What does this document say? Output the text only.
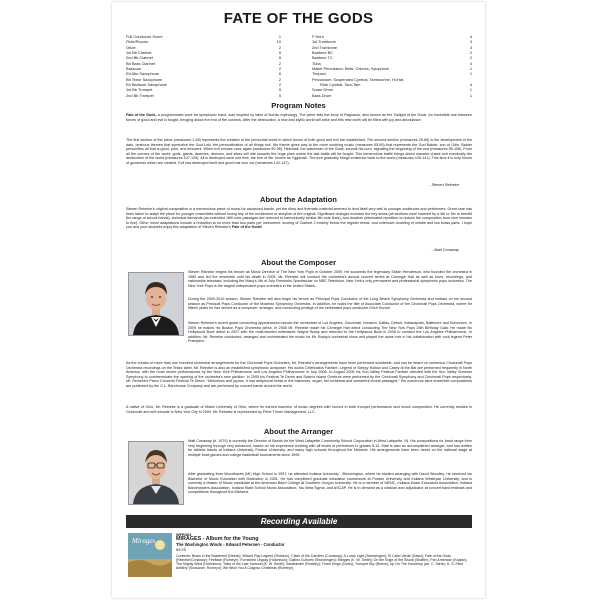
FATE OF THE GODS
Full Conductor Score	1
Flute/Piccolo	10
Oboe	2
1st Bb Clarinet	5
2nd Bb Clarinet	5
Bb Bass Clarinet	2
Bassoon	2
Eb Alto Saxophone	6
Bb Tenor Saxophone	2
Eb Baritone Saxophone	2
1st Bb Trumpet	5
2nd Bb Trumpet	5
F Horn	4
1st Trombone	3
2nd Trombone	3
Baritone BC	2
Baritone TC	2
Tuba	4
Mallet Percussion: Bells, Chimes, Xylophone	1
Timpani	1
Percussion: Suspended Cymbal, Tambourine, Hi-Hat,
Ride Cymbal, Tam-Tam	4
Snare Drum	1
Bass Drum	1
Program Notes
Fate of the Gods, a programmatic work for symphonic band, was inspired by tales of Nordic mythology. The piece tells the story of Ragnarok, also known as the Twilight of the Gods. An incredible war between forces of good and evil is fought, bringing about the end of the cosmos. After the destruction, a new and idyllic world will arise and this new earth will be filled with joy and abundance.
The first section of the piece (measures 1-28) represents the creation of the primordial world in which forces of both good and evil are established. The second section (measures 29-65) is the development of the dark, ominous themes that symbolize the God Loki, the personification of all things evil. His theme gives way to the more soothing music (measures 65-89) that represents the God Balder, son of Odin. Balder personifies all that is good, pure, and innocent. When evil ensues once again (measures 90-98), Heimdall, the watchman of the Gods, sounds his horn, signaling the beginning of the end (measures 99-106). From all the corners of the world, gods, giants, dwarves, demons, and elves will ride towards the huge plain where the last battle will be fought. This tremendous battle brings about massive chaos and eventually the destruction of the world (measures 107-125). All is destroyed save one tree, the tree of life, known as Yggdrasil. The tree gradually brings existence back to the world (measures 126-141). This time it is only forces of goodness which are created. Evil has destroyed itself and good has won out (measures 142-147).
- Steven Reineke
About the Adaptation
Steven Reineke's original composition is a tremendous piece of music for advanced bands, yet the story and thematic material seemed to lend itself very well to younger audiences and performers. Great care has been taken to adapt the piece for younger ensembles without losing any of the excitement or storyline of the original. Significant changes included the key areas (all sections were lowered by a 4th or 5th to benefit the range of school bands), technical demands (an extended 16th note passages are reduced to harmonically similar 8th note lines), and duration (eliminated repetition to reduce the composition from nine minutes to five). Other minor adaptations include a reduction to no more than two parts per instrument, scoring of Clarinet 2 entirely below the register break, and extensive doubling of middle and low brass parts. I hope you and your students enjoy this adaptation of Steven Reineke's Fate of the Gods!
- Matt Conaway
About the Composer
Steven Reineke begins his tenure as Music Director of The New York Pops in October 2009. He succeeds the legendary Skitch Henderson, who founded the orchestra in 1983 and led the ensemble until his death in 2005. Mr. Reineke will conduct the orchestra's annual concert series at Carnegie Hall as well as tours, recordings, and nationwide telecasts, including the Macy's 4th of July Fireworks Spectacular on NBC Television. New York's only permanent and professional symphonic pops orchestra, The New York Pops is the largest independent pops orchestra in the United States.
During the 2009-2010 season, Steven Reineke will also begin his tenure as Principal Pops Conductor of the Long Beach Symphony Orchestra and embark on his second season as Principal Pops Conductor of the Modesto Symphony Orchestra. In addition, he holds the title of Associate Conductor of the Cincinnati Pops Orchestra, where for fifteen years he has served as a composer, arranger, and conducting protégé of the celebrated pops conductor Erich Kunzel.
Steven Reineke's recent guest conducting appearances include the orchestras of Los Angeles, Cincinnati, Houston, Dallas, Detroit, Indianapolis, Baltimore and Edmonton. In 2009 he makes his Boston Pops Orchestra debut. In 2008 Mr. Reineke made his Carnegie Hall debut conducting The New York Pops 25th Birthday Gala. He made his Hollywood Bowl debut in 2007 with the multi-faceted entertainer Wayne Brady and returned to the Hollywood Bowl in 2008 to conduct the Los Angeles Philharmonic. In addition, Mr. Reineke conducted, arranged and orchestrated the music for Mr. Brady's orchestral show and played the same role in his collaboration with rock legend Peter Frampton.
As the creator of more than one hundred orchestral arrangements for the Cincinnati Pops Orchestra, Mr. Reineke's arrangements have been performed worldwide, and can be heard on numerous Cincinnati Pops Orchestra recordings on the Telarc label. Mr. Reineke is also an established symphonic composer. His works Celebration Fanfare, Legend of Sleepy Hollow and Casey at the Bat are performed frequently in North America, with the most recent performances by the New York Philharmonic and Los Angeles Philharmonic in July 2008. In August 2008 his Sun Valley Festival Fanfare debuted with the Sun Valley Summer Symphony to commemorate the opening of the orchestra's new pavilion. In 2005 his Festival Te Deum and Swan's Island Overture were performed by the Cincinnati Symphony and Cincinnati Pops respectively. Mr. Reineke's Piano Concerto Festival Te Deum. "Melodious and joyous, it had antiphonal brass in the balconies, organ, full orchestra and wonderful choral passages." His numerous wind ensemble compositions are published by the C.L. Barnhouse Company and are performed by concert bands around the world.
A native of Ohio, Mr. Reineke is a graduate of Miami University of Ohio, where he earned bachelor of music degrees with honors in both trumpet performance and music composition. He currently resides in Cincinnati and will relocate to New York City in 2009. Mr. Reineke is represented by Peter Throm Management, LLC.
About the Arranger
Matt Conaway (b. 1979) is currently the Director of Bands for the West Lafayette Community School Corporation in West Lafayette, IN. His compositions for band range from very beginning through very advanced, based on his experience working with all levels of performers in grades 5-12. Matt is also an accomplished arranger, and has written for athletic bands at Indiana University, Purdue University, and many high schools throughout the Midwest. His arrangements have been heard on the national stage at multiple bowl games and college basketball tournaments since 1999.
After graduating from Woodhaven (MI) High School in 1997, he attended Indiana University - Bloomington, where he studied arranging with David Woodley. He received his Bachelor of Music Education with Distinction in 2001. He has completed graduate education coursework at Purdue University and Indiana Wesleyan University, and is currently a Master of Music candidate at the American Band College at Southern Oregon University. He is a member of MENC, Indiana Music Educators Association, Indiana Bandmasters Association, Indiana State School Music Association, Tau Beta Sigma, and ASCAP. He is in demand as a clinician and adjudicator at concert band festivals and competitions throughout the Midwest.
Recording Available
Mirages
WFR363
MIRAGES - Album for the Young
The Washington Winds - Edward Petersen - Conductor
59:25
Contents: Brass in the Basement (Neeck); Wizard Ray Legend (Sheldon); Clash of the Carolers (Conaway); A Lunar Light (Swearingen); El Cabo Verde (Gassi); Fate of the Gods (Reineke/Conaway); Fireflash (Romeyn); Furnished Legacy (Hutchison); Galileo Cultures (Swearingen); Mirages (K. W. Smith); On the Edge of the Sword (Shaffer); Pan American (Kaplan); The Mighty Wind (Hutchison); Tales of the Last Samurai (K. W. Smith); Sarabande! (Ruckley); Three Kings (Curtis); Trumpet Sky (Neeck); Up On The Housetop (arr. C. Sterk); U. S. Field Artillery (Sousa/arr. Romeyn); We Wish You A Calypso Christmas (Romeyn)
